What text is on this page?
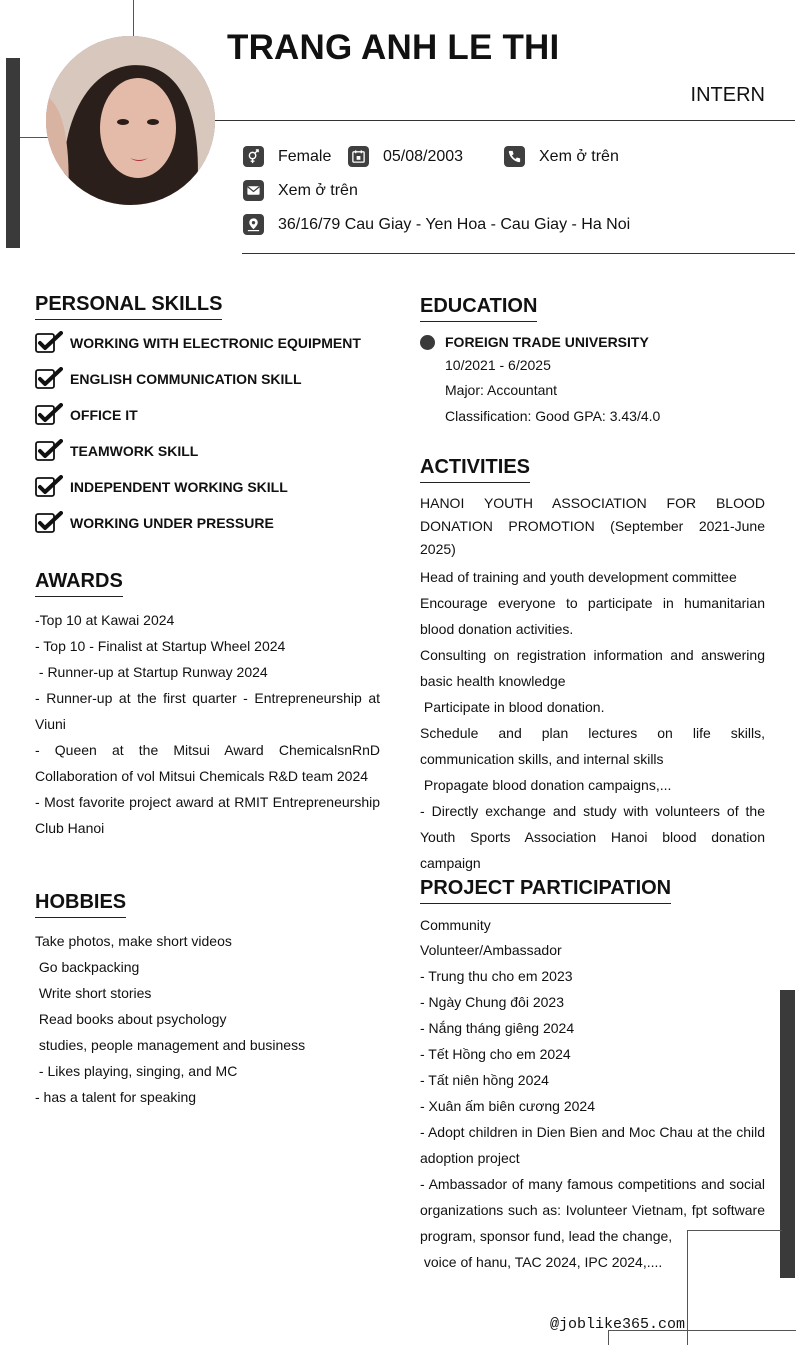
TRANG ANH LE THI
INTERN
Female	05/08/2003	Xem ở trên
Xem ở trên
36/16/79 Cau Giay - Yen Hoa - Cau Giay - Ha Noi
PERSONAL SKILLS
WORKING WITH ELECTRONIC EQUIPMENT
ENGLISH COMMUNICATION SKILL
OFFICE IT
TEAMWORK SKILL
INDEPENDENT WORKING SKILL
WORKING UNDER PRESSURE
AWARDS

-Top 10 at Kawai 2024

- Top 10 - Finalist at Startup Wheel 2024

- Runner-up at Startup Runway 2024

- Runner-up at the first quarter - Entrepreneurship at Viuni

- Queen at the Mitsui Award ChemicalsnRnD Collaboration of vol Mitsui Chemicals R&D team 2024

- Most favorite project award at RMIT Entrepreneurship Club Hanoi

HOBBIES

Take photos, make short videos

Go backpacking

Write short stories

Read books about psychology

studies, people management and business

- Likes playing, singing, and MC

- has a talent for speaking

EDUCATION
FOREIGN TRADE UNIVERSITY
10/2021 - 6/2025
Major: Accountant
Classification: Good GPA: 3.43/4.0
ACTIVITIES

HANOI YOUTH ASSOCIATION FOR BLOOD DONATION PROMOTION (September 2021-June 2025)

Head of training and youth development committee

Encourage everyone to participate in humanitarian blood donation activities.

Consulting on registration information and answering basic health knowledge

Participate in blood donation.

Schedule and plan lectures on life skills, communication skills, and internal skills

Propagate blood donation campaigns,...

- Directly exchange and study with volunteers of the Youth Sports Association Hanoi blood donation campaign

PROJECT PARTICIPATION

Community

Volunteer/Ambassador

- Trung thu cho em 2023

- Ngày Chung đôi 2023

- Nắng tháng giêng 2024

- Tết Hồng cho em 2024

- Tất niên hồng 2024

- Xuân ấm biên cương 2024

- Adopt children in Dien Bien and Moc Chau at the child adoption project

- Ambassador of many famous competitions and social organizations such as: Ivolunteer Vietnam, fpt software program, sponsor fund, lead the change,

voice of hanu, TAC 2024, IPC 2024,....

@joblike365.com
